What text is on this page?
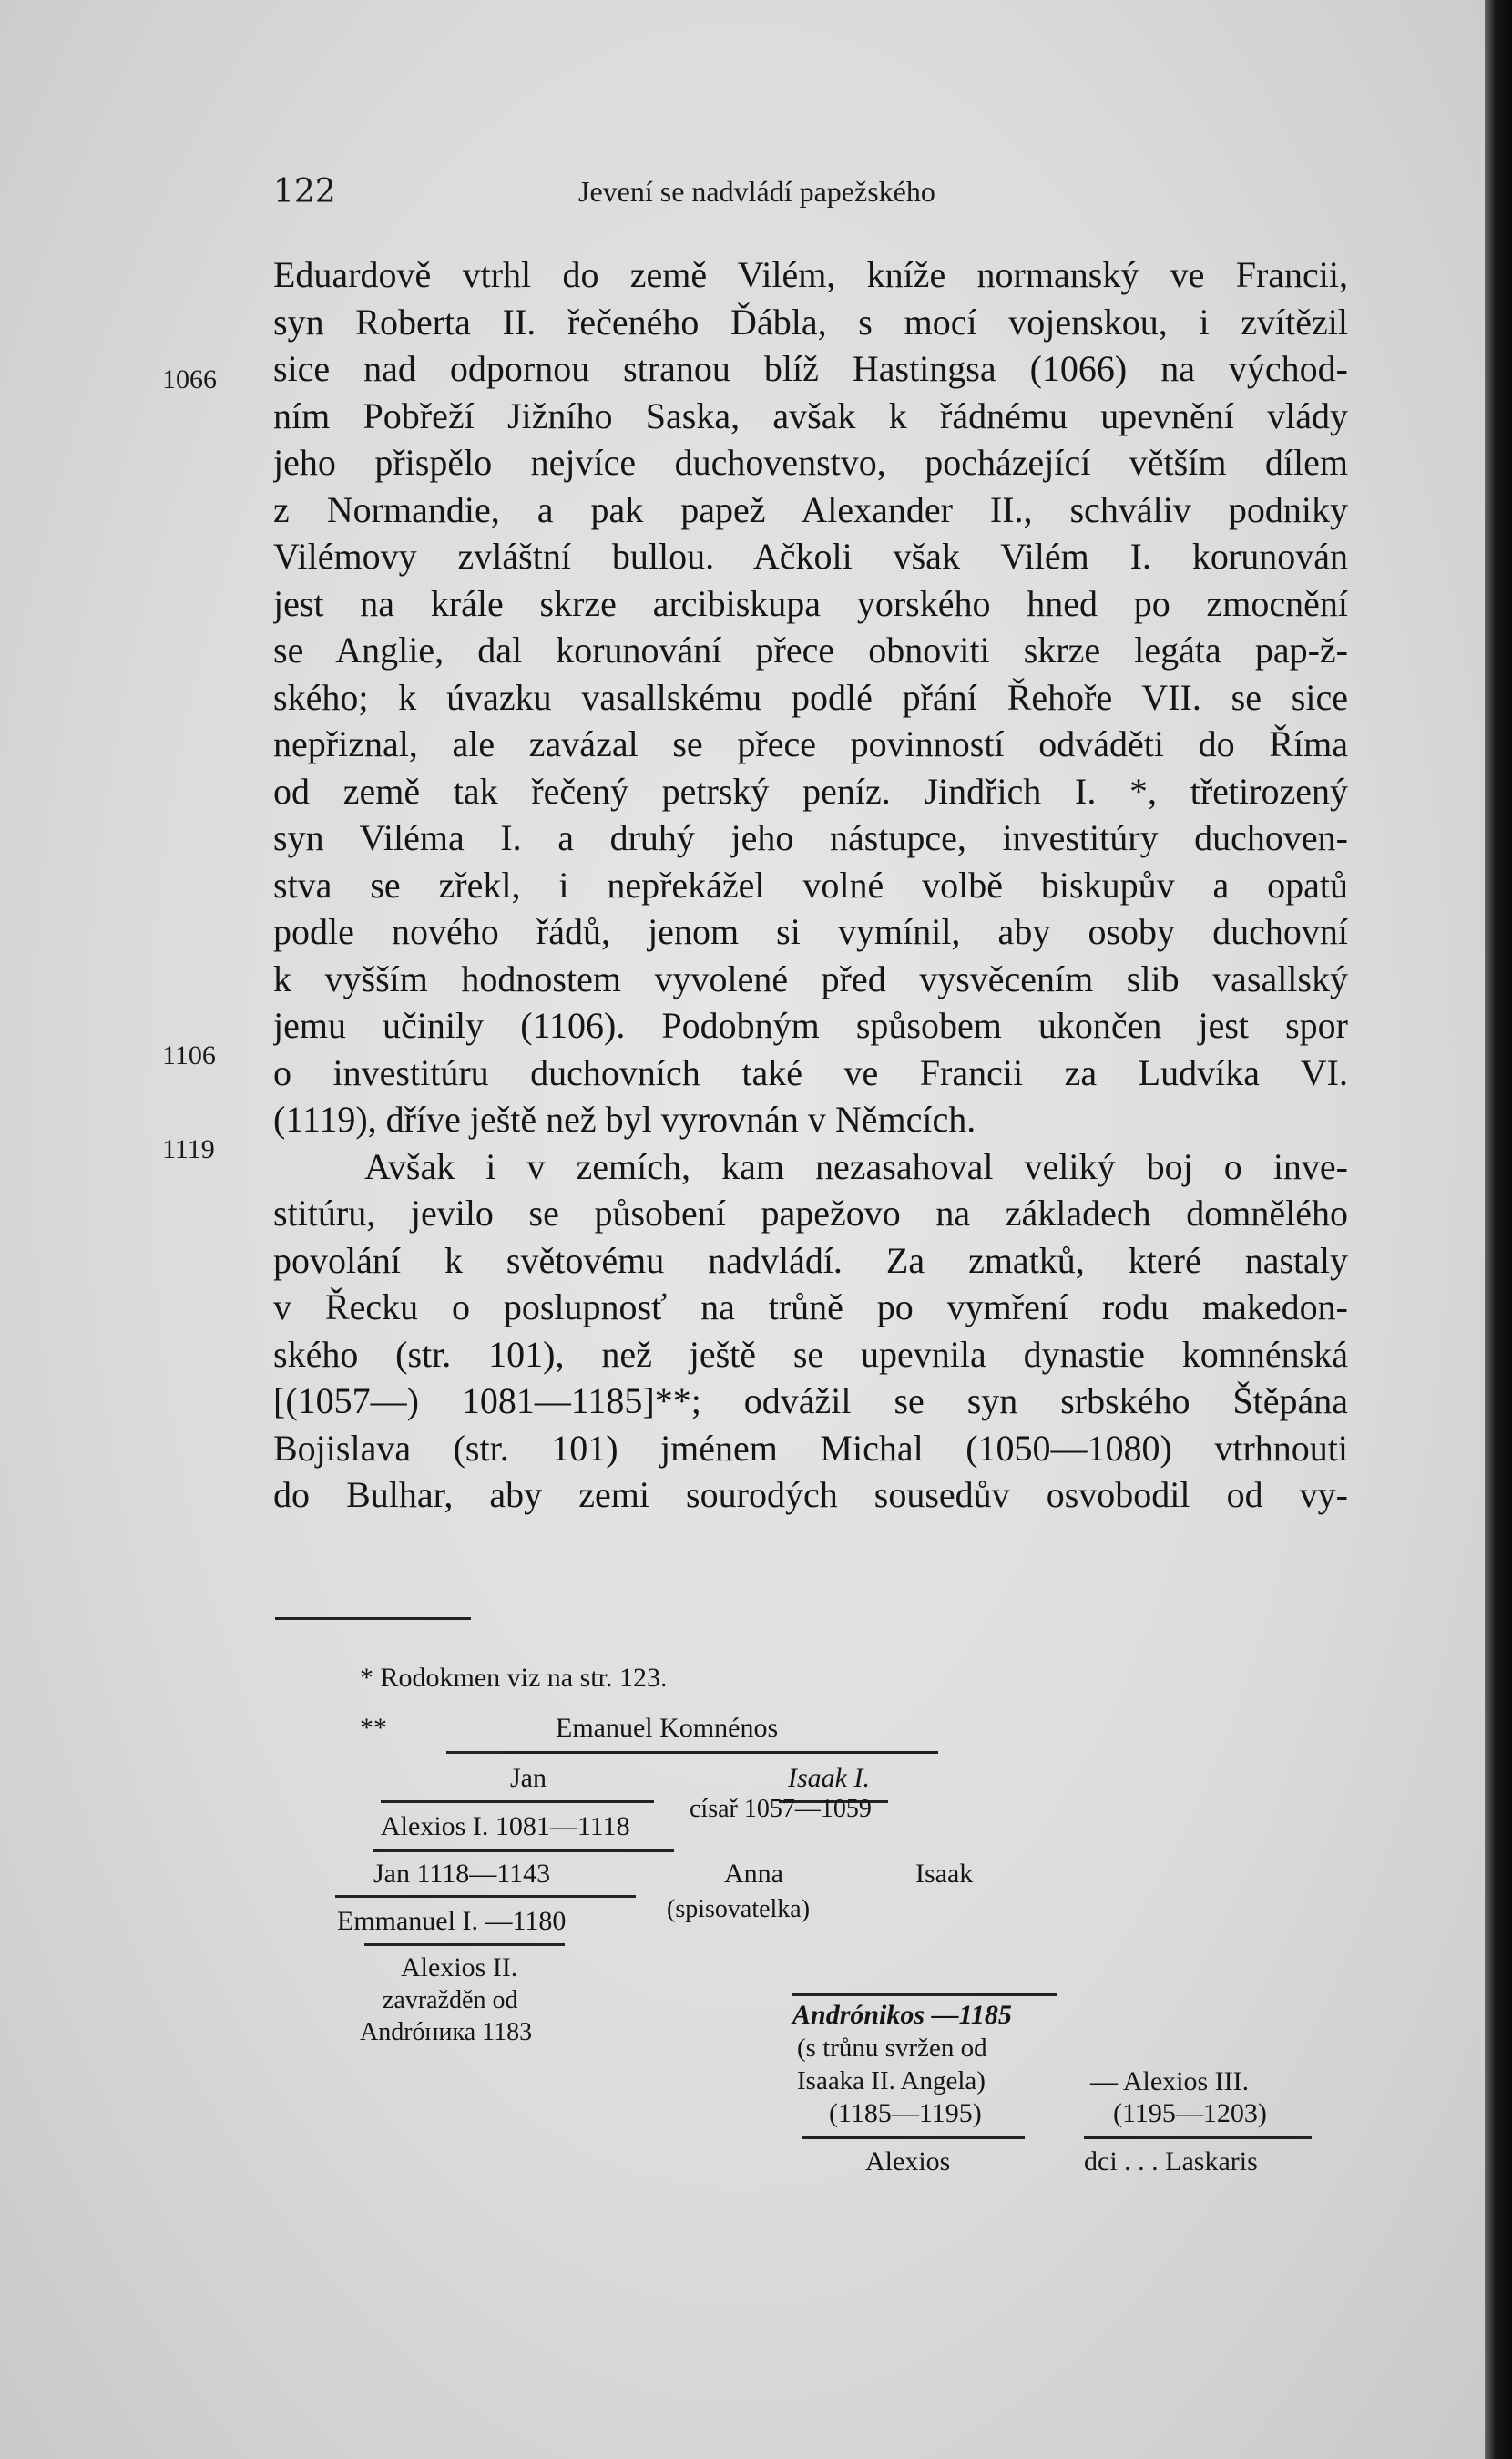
122	Jevení se nadvládí papežského
1066
1106
1119
Eduardově vtrhl do země Vilém, kníže normanský ve Francii,
syn Roberta II. řečeného Ďábla, s mocí vojenskou, i zvítězil
sice nad odpornou stranou blíž Hastingsa (1066) na východ-
ním Pobřeží Jižního Saska, avšak k řádnému upevnění vlády
jeho přispělo nejvíce duchovenstvo, pocházející větším dílem
z Normandie, a pak papež Alexander II., schváliv podniky
Vilémovy zvláštní bullou. Ačkoli však Vilém I. korunován
jest na krále skrze arcibiskupa yorského hned po zmocnění
se Anglie, dal korunování přece obnoviti skrze legáta pap-ž-
ského; k úvazku vasallskému podlé přání Řehoře VII. se sice
nepřiznal, ale zavázal se přece povinností odváděti do Říma
od země tak řečený petrský peníz. Jindřich I. *, třetirozený
syn Viléma I. a druhý jeho nástupce, investitúry duchoven-
stva se zřekl, i nepřekážel volné volbě biskupův a opatů
podle nového řádů, jenom si vymínil, aby osoby duchovní
k vyšším hodnostem vyvolené před vysvěcením slib vasallský
jemu učinily (1106). Podobným spůsobem ukončen jest spor
o investitúru duchovních také ve Francii za Ludvíka VI.
(1119), dříve ještě než byl vyrovnán v Němcích.
Avšak i v zemích, kam nezasahoval veliký boj o inve-
stitúru, jevilo se působení papežovo na základech domnělého
povolání k světovému nadvládí. Za zmatků, které nastaly
v Řecku o poslupnosť na trůně po vymření rodu makedon-
ského (str. 101), než ještě se upevnila dynastie komnénská
[(1057—) 1081—1185]**; odvážil se syn srbského Štěpána
Bojislava (str. 101) jménem Michal (1050—1080) vtrhnouti
do Bulhar, aby zemi sourodých sousedův osvobodil od vy-
* Rodokmen viz na str. 123.
**	Emanuel Komnénos
Jan	Isaak I.
Alexios I. 1081—1118
císař 1057—1059
Jan 1118—1143	Anna	Isaak
Emmanuel I. —1180	(spisovatelka)
Alexios II.
zavražděn od
Andróника 1183
Andrónikos —1185
(s trůnu svržen od
Isaaka II. Angela)	— Alexios III.
(1185—1195)	(1195—1203)
Alexios	dci . . . Laskaris
